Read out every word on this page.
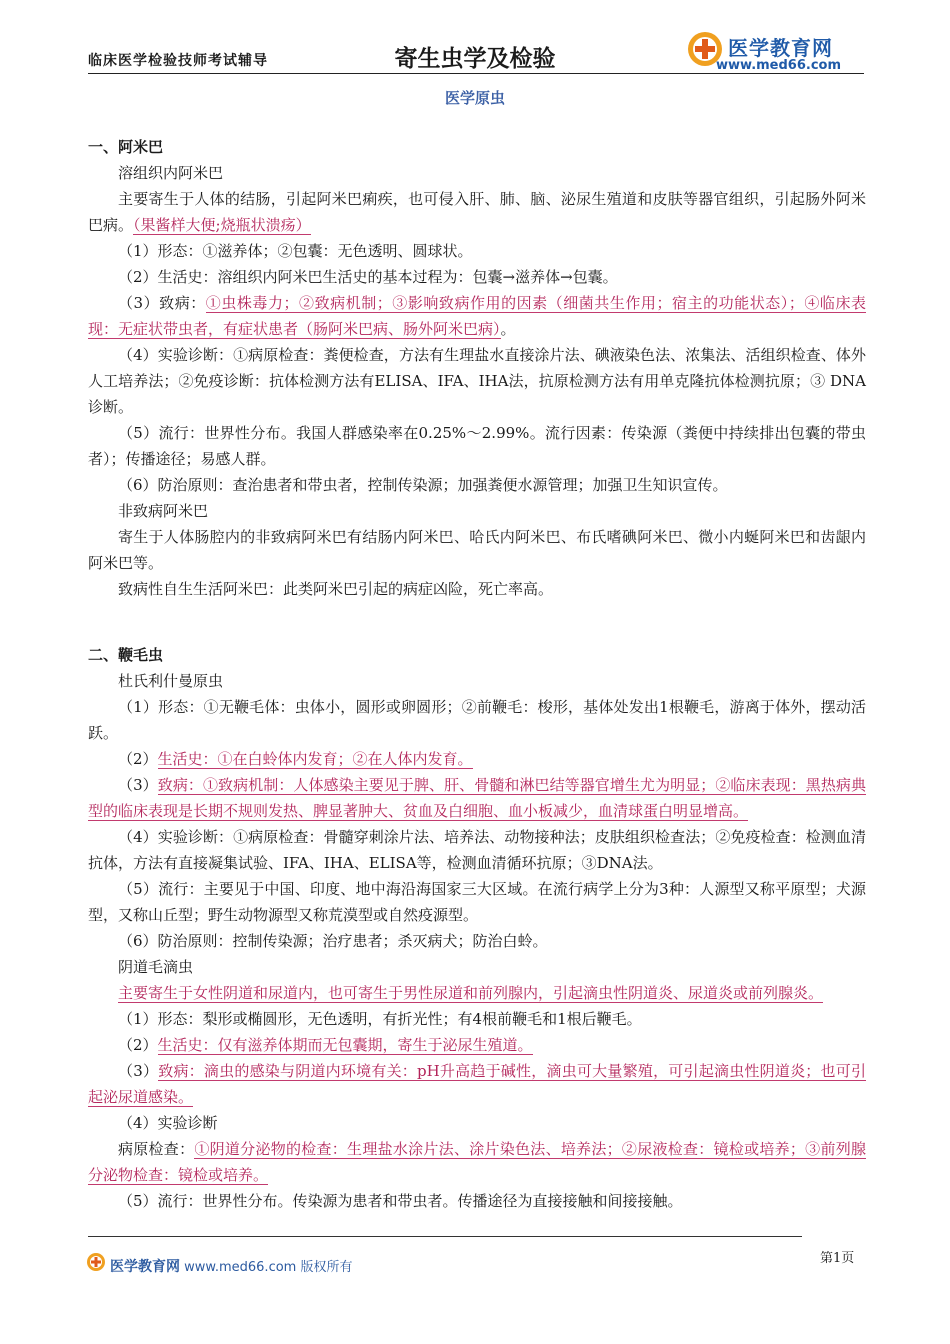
临床医学检验技师考试辅导	寄生虫学及检验	医学教育网
www.med66.com
医学原虫
一、阿米巴
溶组织内阿米巴
主要寄生于人体的结肠，引起阿米巴痢疾，也可侵入肝、肺、脑、泌尿生殖道和皮肤等器官组织，引起肠外阿米巴病。（果酱样大便;烧瓶状溃疡）
（1）形态：①滋养体；②包囊：无色透明、圆球状。
（2）生活史：溶组织内阿米巴生活史的基本过程为：包囊→滋养体→包囊。
（3）致病：①虫株毒力；②致病机制；③影响致病作用的因素（细菌共生作用；宿主的功能状态）；④临床表现：无症状带虫者，有症状患者（肠阿米巴病、肠外阿米巴病）。
（4）实验诊断：①病原检查：粪便检查，方法有生理盐水直接涂片法、碘液染色法、浓集法、活组织检查、体外人工培养法；②免疫诊断：抗体检测方法有ELISA、IFA、IHA法，抗原检测方法有用单克隆抗体检测抗原；③ DNA诊断。
（5）流行：世界性分布。我国人群感染率在0.25%～2.99%。流行因素：传染源（粪便中持续排出包囊的带虫者）；传播途径；易感人群。
（6）防治原则：查治患者和带虫者，控制传染源；加强粪便水源管理；加强卫生知识宣传。
非致病阿米巴
寄生于人体肠腔内的非致病阿米巴有结肠内阿米巴、哈氏内阿米巴、布氏嗜碘阿米巴、微小内蜒阿米巴和齿龈内阿米巴等。
致病性自生生活阿米巴：此类阿米巴引起的病症凶险，死亡率高。
二、鞭毛虫
杜氏利什曼原虫
（1）形态：①无鞭毛体：虫体小，圆形或卵圆形；②前鞭毛：梭形，基体处发出1根鞭毛，游离于体外，摆动活跃。
（2）生活史：①在白蛉体内发育；②在人体内发育。
（3）致病：①致病机制：人体感染主要见于脾、肝、骨髓和淋巴结等器官增生尤为明显；②临床表现：黑热病典型的临床表现是长期不规则发热、脾显著肿大、贫血及白细胞、血小板减少，血清球蛋白明显增高。
（4）实验诊断：①病原检查：骨髓穿刺涂片法、培养法、动物接种法；皮肤组织检查法；②免疫检查：检测血清抗体，方法有直接凝集试验、IFA、IHA、ELISA等，检测血清循环抗原；③DNA法。
（5）流行：主要见于中国、印度、地中海沿海国家三大区域。在流行病学上分为3种：人源型又称平原型；犬源型，又称山丘型；野生动物源型又称荒漠型或自然疫源型。
（6）防治原则：控制传染源；治疗患者；杀灭病犬；防治白蛉。
阴道毛滴虫
主要寄生于女性阴道和尿道内，也可寄生于男性尿道和前列腺内，引起滴虫性阴道炎、尿道炎或前列腺炎。
（1）形态：梨形或椭圆形，无色透明，有折光性；有4根前鞭毛和1根后鞭毛。
（2）生活史：仅有滋养体期而无包囊期，寄生于泌尿生殖道。
（3）致病：滴虫的感染与阴道内环境有关：pH升高趋于碱性，滴虫可大量繁殖，可引起滴虫性阴道炎；也可引起泌尿道感染。
（4）实验诊断
病原检查：①阴道分泌物的检查：生理盐水涂片法、涂片染色法、培养法；②尿液检查：镜检或培养；③前列腺分泌物检查：镜检或培养。
（5）流行：世界性分布。传染源为患者和带虫者。传播途径为直接接触和间接接触。
医学教育网 www.med66.com 版权所有
第1页
